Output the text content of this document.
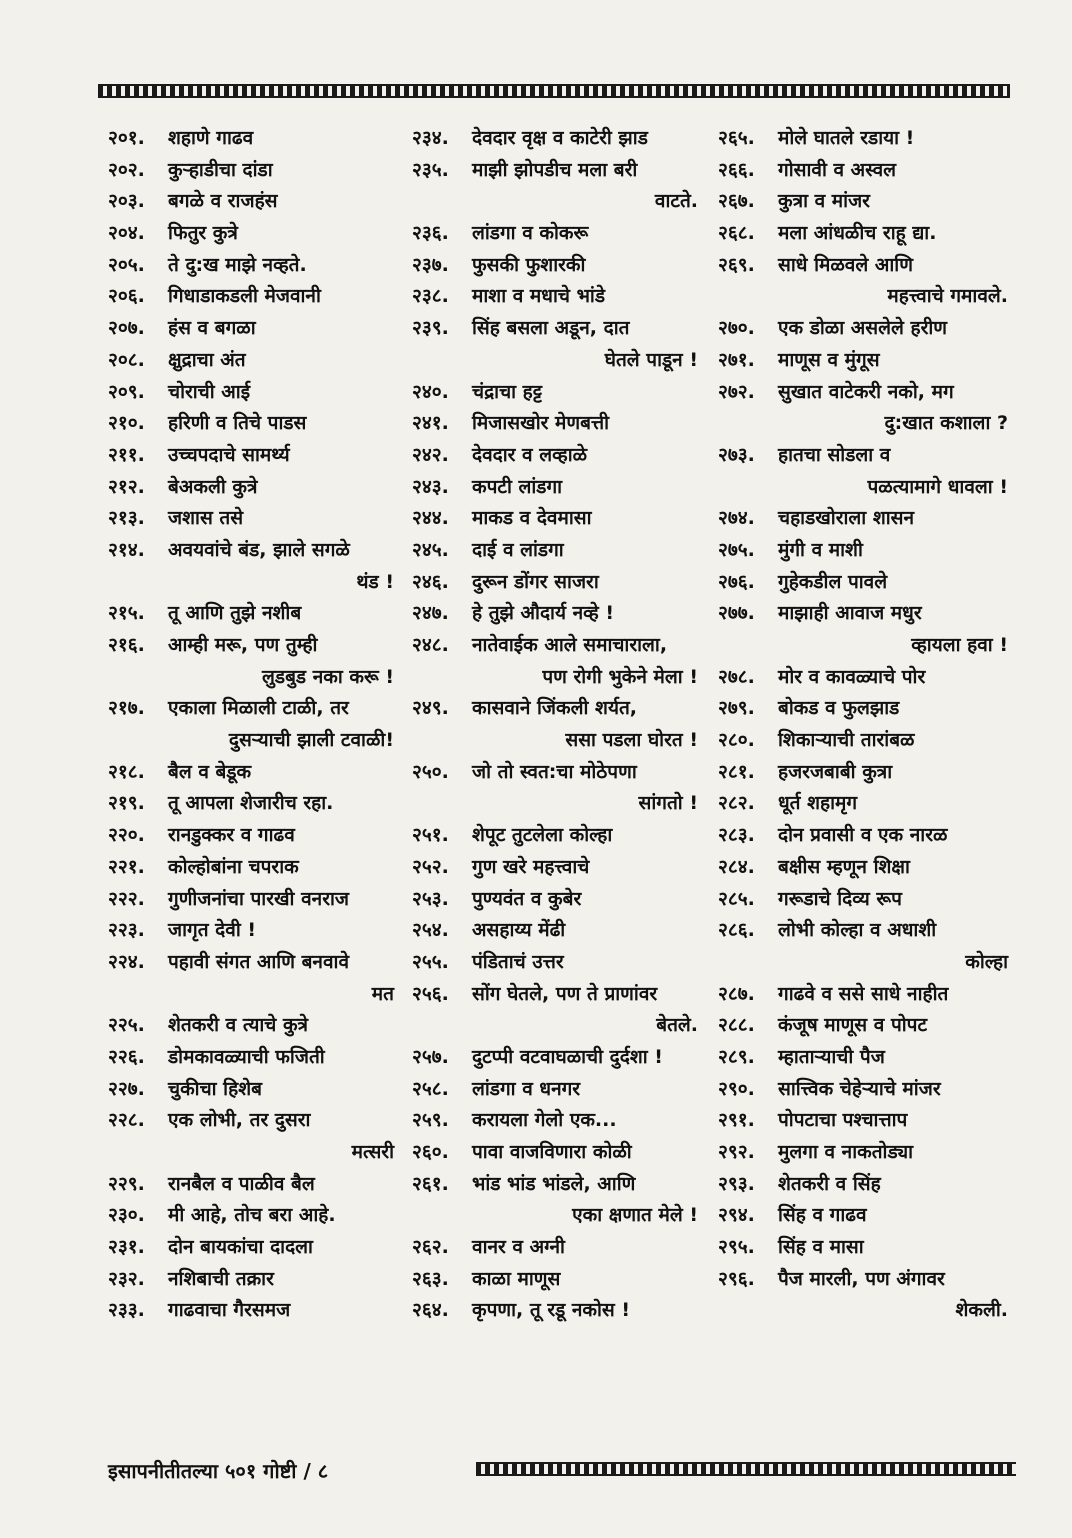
२०१. शहाणे गाढव
२०२. कुऱ्हाडीचा दांडा
२०३. बगळे व राजहंस
२०४. फितुर कुत्रे
२०५. ते दु:ख माझे नव्हते.
२०६. गिधाडाकडली मेजवानी
२०७. हंस व बगळा
२०८. क्षुद्राचा अंत
२०९. चोराची आई
२१०. हरिणी व तिचे पाडस
२११. उच्चपदाचे सामर्थ्य
२१२. बेअकली कुत्रे
२१३. जशास तसे
२१४. अवयवांचे बंड, झाले सगळे
थंड !
२१५. तू आणि तुझे नशीब
२१६. आम्ही मरू, पण तुम्ही
लुडबुड नका करू !
२१७. एकाला मिळाली टाळी, तर
दुसऱ्याची झाली टवाळी!
२१८. बैल व बेडूक
२१९. तू आपला शेजारीच रहा.
२२०. रानडुक्कर व गाढव
२२१. कोल्होबांना चपराक
२२२. गुणीजनांचा पारखी वनराज
२२३. जागृत देवी !
२२४. पहावी संगत आणि बनवावे
मत
२२५. शेतकरी व त्याचे कुत्रे
२२६. डोमकावळ्याची फजिती
२२७. चुकीचा हिशेब
२२८. एक लोभी, तर दुसरा
मत्सरी
२२९. रानबैल व पाळीव बैल
२३०. मी आहे, तोच बरा आहे.
२३१. दोन बायकांचा दादला
२३२. नशिबाची तक्रार
२३३. गाढवाचा गैरसमज
२३४. देवदार वृक्ष व काटेरी झाड
२३५. माझी झोपडीच मला बरी
वाटते.
२३६. लांडगा व कोकरू
२३७. फुसकी फुशारकी
२३८. माशा व मधाचे भांडे
२३९. सिंह बसला अडून, दात
घेतले पाडून !
२४०. चंद्राचा हट्ट
२४१. मिजासखोर मेणबत्ती
२४२. देवदार व लव्हाळे
२४३. कपटी लांडगा
२४४. माकड व देवमासा
२४५. दाई व लांडगा
२४६. दुरून डोंगर साजरा
२४७. हे तुझे औदार्य नव्हे !
२४८. नातेवाईक आले समाचाराला,
पण रोगी भुकेने मेला !
२४९. कासवाने जिंकली शर्यत,
ससा पडला घोरत !
२५०. जो तो स्वत:चा मोठेपणा
सांगतो !
२५१. शेपूट तुटलेला कोल्हा
२५२. गुण खरे महत्त्वाचे
२५३. पुण्यवंत व कुबेर
२५४. असहाय्य मेंढी
२५५. पंडिताचं उत्तर
२५६. सोंग घेतले, पण ते प्राणांवर
बेतले.
२५७. दुटप्पी वटवाघळाची दुर्दशा !
२५८. लांडगा व धनगर
२५९. करायला गेलो एक...
२६०. पावा वाजविणारा कोळी
२६१. भांड भांड भांडले, आणि
एका क्षणात मेले !
२६२. वानर व अग्नी
२६३. काळा माणूस
२६४. कृपणा, तू रडू नकोस !
२६५. मोले घातले रडाया !
२६६. गोसावी व अस्वल
२६७. कुत्रा व मांजर
२६८. मला आंधळीच राहू द्या.
२६९. साधे मिळवले आणि
महत्त्वाचे गमावले.
२७०. एक डोळा असलेले हरीण
२७१. माणूस व मुंगूस
२७२. सुखात वाटेकरी नको, मग
दु:खात कशाला ?
२७३. हातचा सोडला व
पळत्यामागे धावला !
२७४. चहाडखोराला शासन
२७५. मुंगी व माशी
२७६. गुहेकडील पावले
२७७. माझाही आवाज मधुर
व्हायला हवा !
२७८. मोर व कावळ्याचे पोर
२७९. बोकड व फुलझाड
२८०. शिकाऱ्याची तारांबळ
२८१. हजरजबाबी कुत्रा
२८२. धूर्त शहामृग
२८३. दोन प्रवासी व एक नारळ
२८४. बक्षीस म्हणून शिक्षा
२८५. गरूडाचे दिव्य रूप
२८६. लोभी कोल्हा व अधाशी
कोल्हा
२८७. गाढवे व ससे साधे नाहीत
२८८. कंजूष माणूस व पोपट
२८९. म्हाताऱ्याची पैज
२९०. सात्त्विक चेहेऱ्याचे मांजर
२९१. पोपटाचा पश्चात्ताप
२९२. मुलगा व नाकतोड्या
२९३. शेतकरी व सिंह
२९४. सिंह व गाढव
२९५. सिंह व मासा
२९६. पैज मारली, पण अंगावर
शेकली.
इसापनीतीतल्या ५०१ गोष्टी / ८
